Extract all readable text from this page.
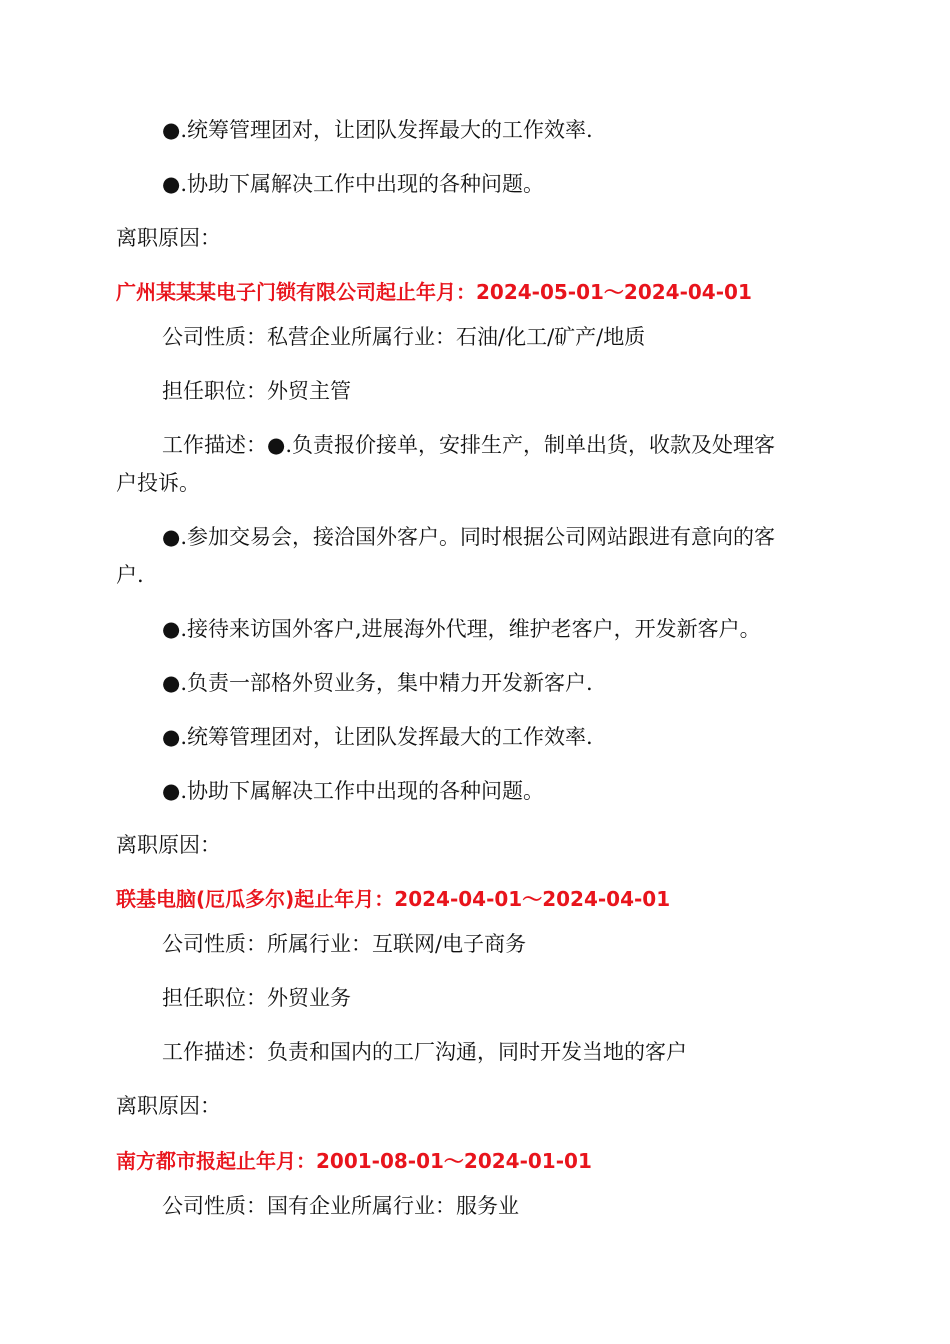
●.统筹管理团对，让团队发挥最大的工作效率.
●.协助下属解决工作中出现的各种问题。
离职原因：
广州某某某电子门锁有限公司起止年月：2024-05-01～2024-04-01
公司性质：私营企业所属行业：石油/化工/矿产/地质
担任职位：外贸主管
工作描述：●.负责报价接单，安排生产，制单出货，收款及处理客
户投诉。
●.参加交易会，接洽国外客户。同时根据公司网站跟进有意向的客
户.
●.接待来访国外客户,进展海外代理，维护老客户，开发新客户。
●.负责一部格外贸业务，集中精力开发新客户.
●.统筹管理团对，让团队发挥最大的工作效率.
●.协助下属解决工作中出现的各种问题。
离职原因：
联基电脑(厄瓜多尔)起止年月：2024-04-01～2024-04-01
公司性质：所属行业：互联网/电子商务
担任职位：外贸业务
工作描述：负责和国内的工厂沟通，同时开发当地的客户
离职原因：
南方都市报起止年月：2001-08-01～2024-01-01
公司性质：国有企业所属行业：服务业
